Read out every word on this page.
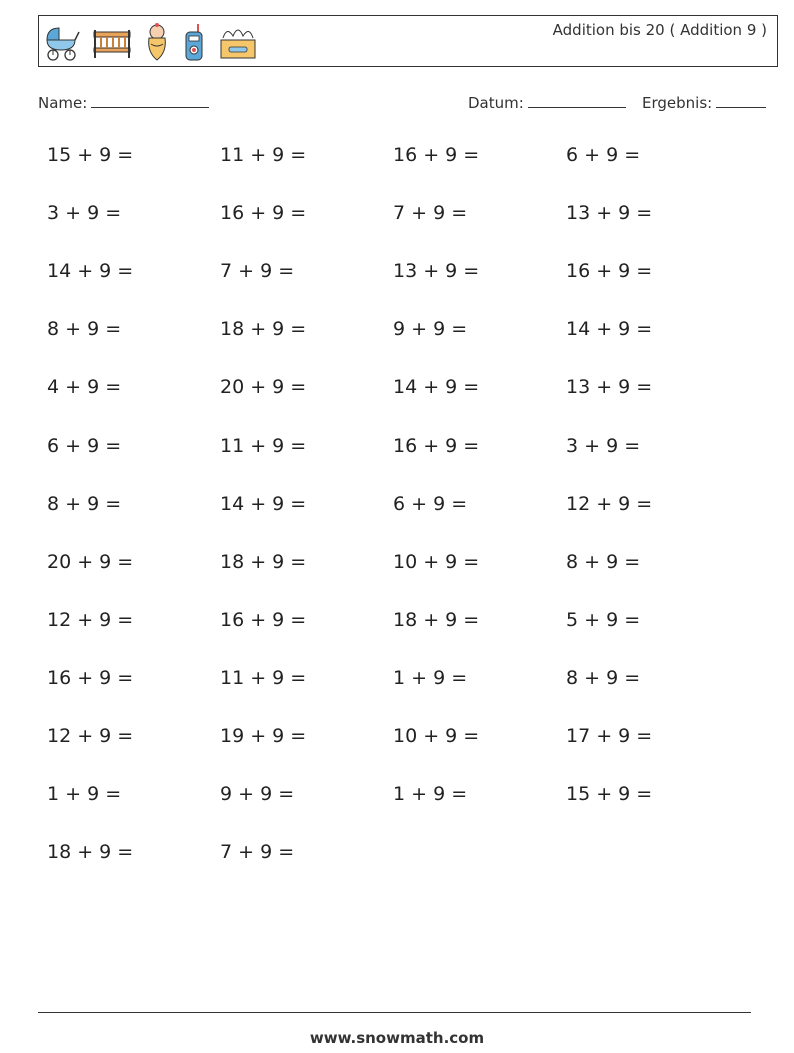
Addition bis 20 ( Addition 9 )
Name:	Datum:	Ergebnis:
15 + 9 =	11 + 9 =	16 + 9 =	6 + 9 =
3 + 9 =	16 + 9 =	7 + 9 =	13 + 9 =
14 + 9 =	7 + 9 =	13 + 9 =	16 + 9 =
8 + 9 =	18 + 9 =	9 + 9 =	14 + 9 =
4 + 9 =	20 + 9 =	14 + 9 =	13 + 9 =
6 + 9 =	11 + 9 =	16 + 9 =	3 + 9 =
8 + 9 =	14 + 9 =	6 + 9 =	12 + 9 =
20 + 9 =	18 + 9 =	10 + 9 =	8 + 9 =
12 + 9 =	16 + 9 =	18 + 9 =	5 + 9 =
16 + 9 =	11 + 9 =	1 + 9 =	8 + 9 =
12 + 9 =	19 + 9 =	10 + 9 =	17 + 9 =
1 + 9 =	9 + 9 =	1 + 9 =	15 + 9 =
18 + 9 =	7 + 9 =
www.snowmath.com
